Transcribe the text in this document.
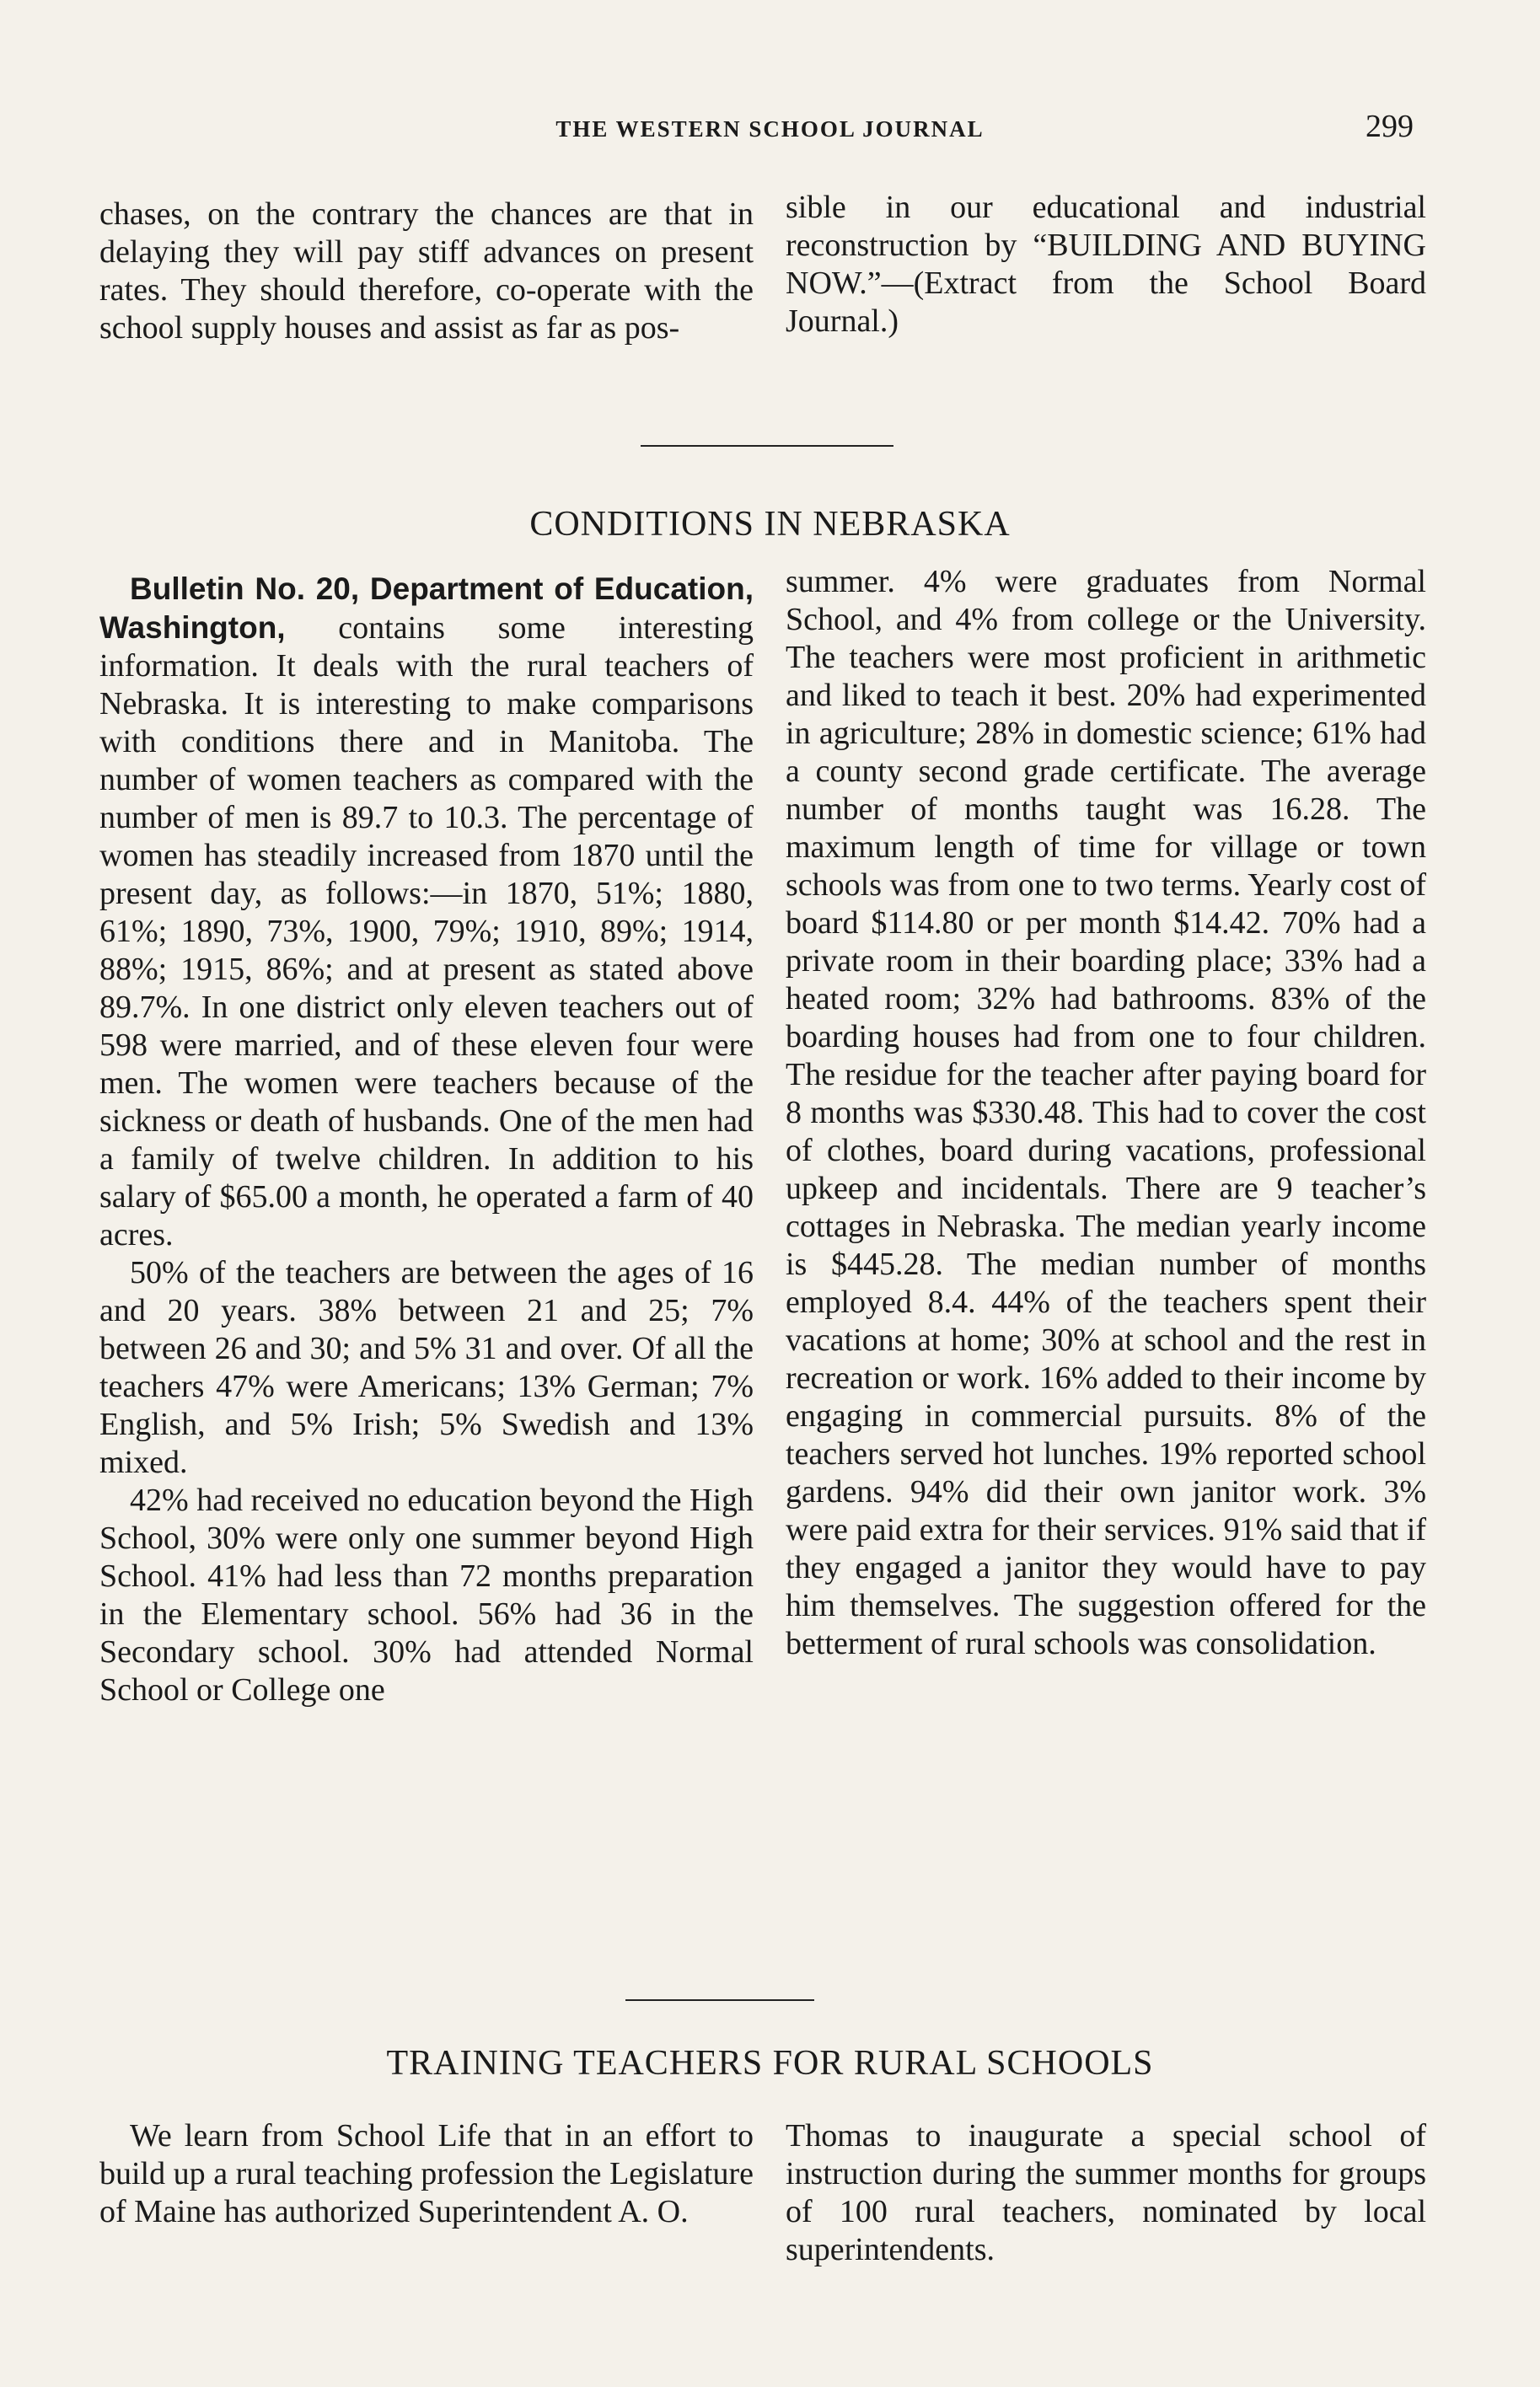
THE WESTERN SCHOOL JOURNAL	299

chases, on the contrary the chances are that in delaying they will pay stiff advances on present rates. They should therefore, co-operate with the school supply houses and assist as far as pos-

sible in our educational and industrial reconstruction by “BUILDING AND BUYING NOW.”—(Extract from the School Board Journal.)

CONDITIONS IN NEBRASKA

Bulletin No. 20, Department of Education, Washington, contains some interesting information. It deals with the rural teachers of Nebraska. It is interesting to make comparisons with conditions there and in Manitoba. The number of women teachers as compared with the number of men is 89.7 to 10.3. The percentage of women has steadily increased from 1870 until the present day, as follows:—in 1870, 51%; 1880, 61%; 1890, 73%, 1900, 79%; 1910, 89%; 1914, 88%; 1915, 86%; and at present as stated above 89.7%. In one district only eleven teachers out of 598 were married, and of these eleven four were men. The women were teachers because of the sickness or death of husbands. One of the men had a family of twelve children. In addition to his salary of $65.00 a month, he operated a farm of 40 acres.

50% of the teachers are between the ages of 16 and 20 years. 38% between 21 and 25; 7% between 26 and 30; and 5% 31 and over. Of all the teachers 47% were Americans; 13% German; 7% English, and 5% Irish; 5% Swedish and 13% mixed.

42% had received no education beyond the High School, 30% were only one summer beyond High School. 41% had less than 72 months preparation in the Elementary school. 56% had 36 in the Secondary school. 30% had attended Normal School or College one

summer. 4% were graduates from Normal School, and 4% from college or the University. The teachers were most proficient in arithmetic and liked to teach it best. 20% had experimented in agriculture; 28% in domestic science; 61% had a county second grade certificate. The average number of months taught was 16.28. The maximum length of time for village or town schools was from one to two terms. Yearly cost of board $114.80 or per month $14.42. 70% had a private room in their boarding place; 33% had a heated room; 32% had bathrooms. 83% of the boarding houses had from one to four children. The residue for the teacher after paying board for 8 months was $330.48. This had to cover the cost of clothes, board during vacations, professional upkeep and incidentals. There are 9 teacher’s cottages in Nebraska. The median yearly income is $445.28. The median number of months employed 8.4. 44% of the teachers spent their vacations at home; 30% at school and the rest in recreation or work. 16% added to their income by engaging in commercial pursuits. 8% of the teachers served hot lunches. 19% reported school gardens. 94% did their own janitor work. 3% were paid extra for their services. 91% said that if they engaged a janitor they would have to pay him themselves. The suggestion offered for the betterment of rural schools was consolidation.

TRAINING TEACHERS FOR RURAL SCHOOLS

We learn from School Life that in an effort to build up a rural teaching profession the Legislature of Maine has authorized Superintendent A. O.

Thomas to inaugurate a special school of instruction during the summer months for groups of 100 rural teachers, nominated by local superintendents.
